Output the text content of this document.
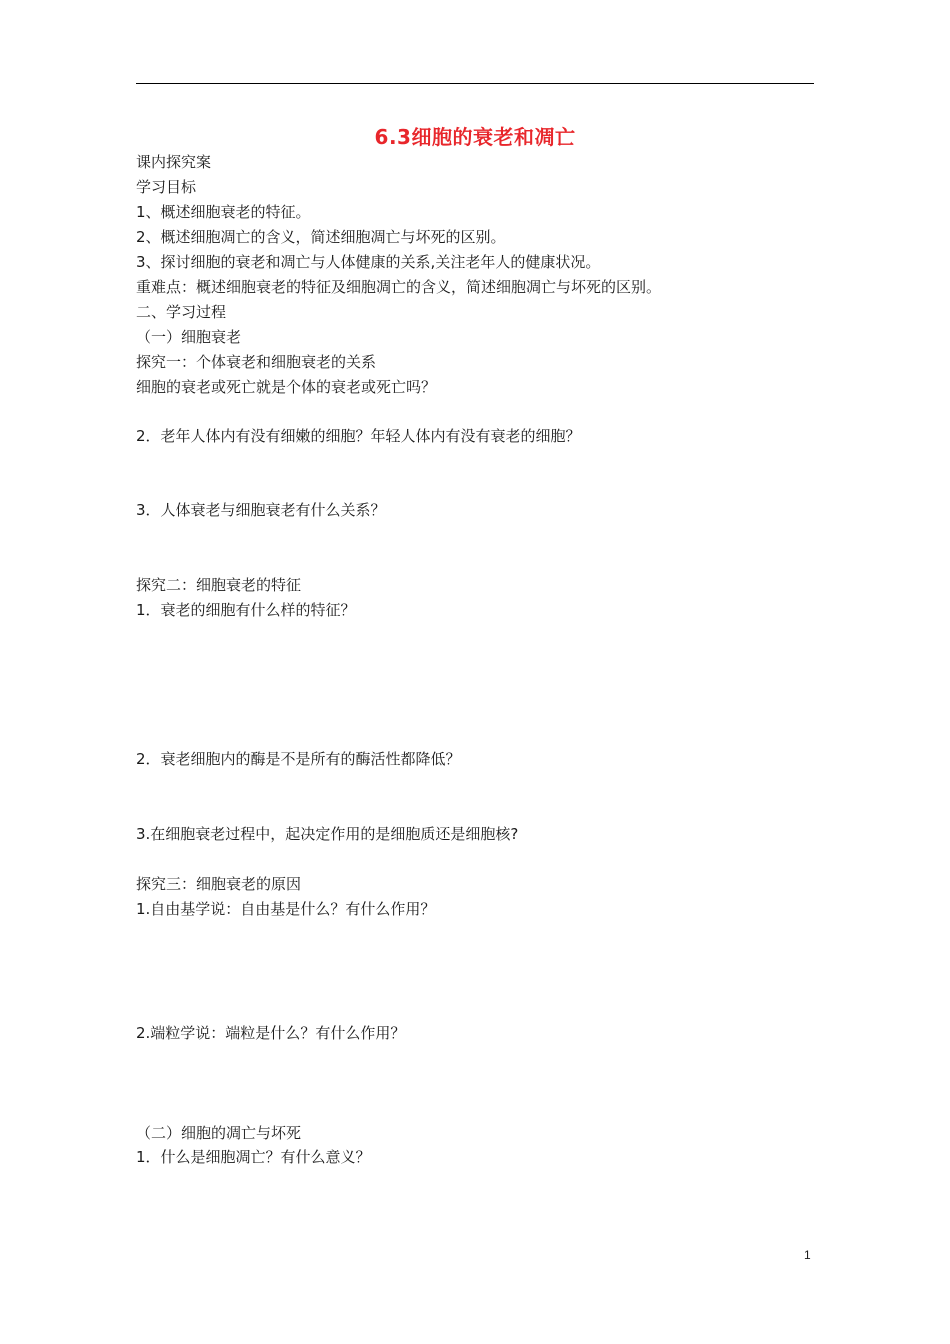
6.3细胞的衰老和凋亡
课内探究案
学习目标
1、概述细胞衰老的特征。
2、概述细胞凋亡的含义，简述细胞凋亡与坏死的区别。
3、探讨细胞的衰老和凋亡与人体健康的关系,关注老年人的健康状况。
重难点：概述细胞衰老的特征及细胞凋亡的含义，简述细胞凋亡与坏死的区别。
二、学习过程
（一）细胞衰老
探究一：个体衰老和细胞衰老的关系
细胞的衰老或死亡就是个体的衰老或死亡吗？
2．老年人体内有没有细嫩的细胞？年轻人体内有没有衰老的细胞？
3．人体衰老与细胞衰老有什么关系？
探究二：细胞衰老的特征
1．衰老的细胞有什么样的特征？
2．衰老细胞内的酶是不是所有的酶活性都降低？
3.在细胞衰老过程中，起决定作用的是细胞质还是细胞核?
探究三：细胞衰老的原因
1.自由基学说：自由基是什么？有什么作用？
2.端粒学说：端粒是什么？有什么作用？
（二）细胞的凋亡与坏死
1．什么是细胞凋亡？有什么意义？
1
